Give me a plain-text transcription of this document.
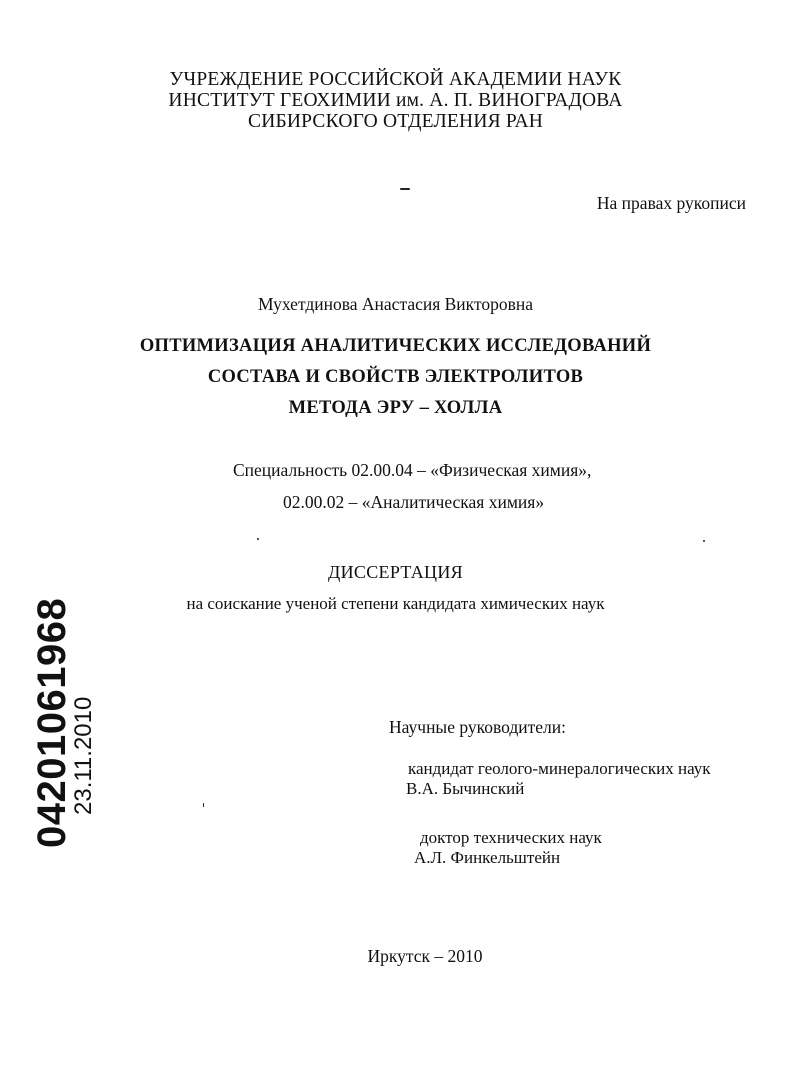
УЧРЕЖДЕНИЕ РОССИЙСКОЙ АКАДЕМИИ НАУК
ИНСТИТУТ ГЕОХИМИИ им. А. П. ВИНОГРАДОВА
СИБИРСКОГО ОТДЕЛЕНИЯ РАН
На правах рукописи
Мухетдинова Анастасия Викторовна
ОПТИМИЗАЦИЯ АНАЛИТИЧЕСКИХ ИССЛЕДОВАНИЙ
СОСТАВА И СВОЙСТВ ЭЛЕКТРОЛИТОВ
МЕТОДА ЭРУ – ХОЛЛА
Специальность 02.00.04 – «Физическая химия»,
02.00.02 – «Аналитическая химия»
ДИССЕРТАЦИЯ
на соискание ученой степени кандидата химических наук
Научные руководители:
кандидат геолого-минералогических наук
В.А. Бычинский
доктор технических наук
А.Л. Финкельштейн
Иркутск – 2010
04201061968
23.11.2010
